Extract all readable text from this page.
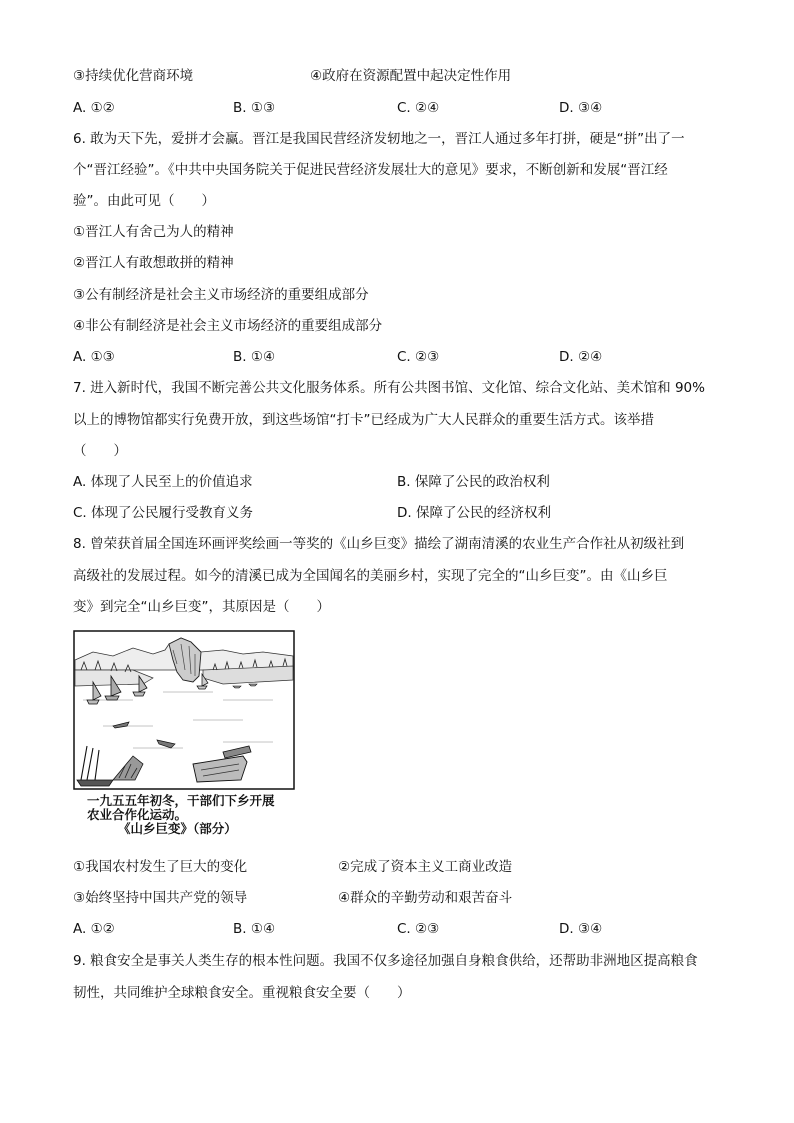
③持续优化营商环境	④政府在资源配置中起决定性作用
A. ①②	B. ①③	C. ②④	D. ③④
6. 敢为天下先，爱拼才会赢。晋江是我国民营经济发轫地之一，晋江人通过多年打拼，硬是“拼”出了一
个“晋江经验”。《中共中央国务院关于促进民营经济发展壮大的意见》要求，不断创新和发展“晋江经
验”。由此可见（　　）
①晋江人有舍己为人的精神
②晋江人有敢想敢拼的精神
③公有制经济是社会主义市场经济的重要组成部分
④非公有制经济是社会主义市场经济的重要组成部分
A. ①③	B. ①④	C. ②③	D. ②④
7. 进入新时代，我国不断完善公共文化服务体系。所有公共图书馆、文化馆、综合文化站、美术馆和 90%
以上的博物馆都实行免费开放，到这些场馆“打卡”已经成为广大人民群众的重要生活方式。该举措
（　　）
A. 体现了人民至上的价值追求	B. 保障了公民的政治权利
C. 体现了公民履行受教育义务	D. 保障了公民的经济权利
8. 曾荣获首届全国连环画评奖绘画一等奖的《山乡巨变》描绘了湖南清溪的农业生产合作社从初级社到
高级社的发展过程。如今的清溪已成为全国闻名的美丽乡村，实现了完全的“山乡巨变”。由《山乡巨
变》到完全“山乡巨变”，其原因是（　　）
一九五五年初冬，干部们下乡开展
农业合作化运动。
《山乡巨变》（部分）
①我国农村发生了巨大的变化	②完成了资本主义工商业改造
③始终坚持中国共产党的领导	④群众的辛勤劳动和艰苦奋斗
A. ①②	B. ①④	C. ②③	D. ③④
9. 粮食安全是事关人类生存的根本性问题。我国不仅多途径加强自身粮食供给，还帮助非洲地区提高粮食
韧性，共同维护全球粮食安全。重视粮食安全要（　　）
